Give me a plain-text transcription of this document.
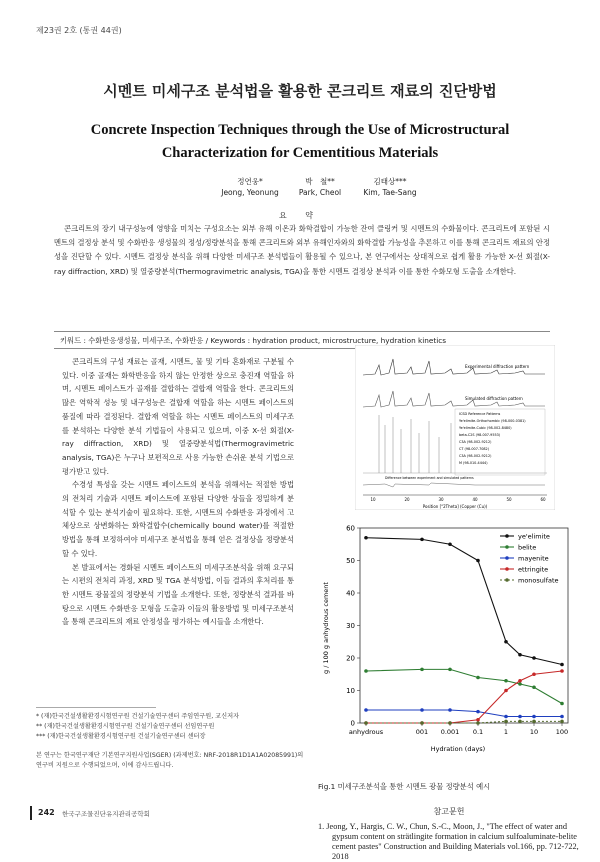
제23권 2호 (통권 44권)
시멘트 미세구조 분석법을 활용한 콘크리트 재료의 진단방법
Concrete Inspection Techniques through the Use of Microstructural
Characterization for Cementitious Materials
정연웅*
Jeong, Yeonung
박　철**
Park, Cheol
김태상***
Kim, Tae-Sang
요 약

콘크리트의 장기 내구성능에 영향을 미치는 구성요소는 외부 유해 이온과 화학결합이 가능한 잔여 클링커 및 시멘트의 수화물이다. 콘크리트에 포함된 시멘트의 결정상 분석 및 수화반응 생성물의 정성/정량분석을 통해 콘크리트와 외부 유해인자와의 화학결합 가능성을 추론하고 이를 통해 콘크리트 재료의 안정성을 진단할 수 있다. 시멘트 결정상 분석을 위해 다양한 미세구조 분석법들이 활용될 수 있으나, 본 연구에서는 상대적으로 쉽게 활용 가능한 X-선 회절(X-ray diffraction, XRD) 및 열중량분석(Thermogravimetric analysis, TGA)을 통한 시멘트 결정상 분석과 이를 통한 수화모형 도출을 소개한다.

키워드 : 수화반응생성물, 미세구조, 수화반응 / Keywords : hydration product, microstructure, hydration kinetics

콘크리트의 구성 재료는 골재, 시멘트, 물 및 기타 혼화재로 구분될 수 있다. 이중 골재는 화학반응을 하지 않는 안정한 상으로 충진재 역할을 하며, 시멘트 페이스트가 골재를 결합하는 결합재 역할을 한다. 콘크리트의 많은 역학적 성능 및 내구성능은 결합재 역할을 하는 시멘트 페이스트의 품질에 따라 결정된다. 결합재 역할을 하는 시멘트 페이스트의 미세구조를 분석하는 다양한 분석 기법들이 사용되고 있으며, 이중 X-선 회절(X-ray diffraction, XRD) 및 열중량분석법(Thermogravimetric analysis, TGA)은 누구나 보편적으로 사용 가능한 손쉬운 분석 기법으로 평가받고 있다.

수경성 특성을 갖는 시멘트 페이스트의 분석을 위해서는 적절한 방법의 전처리 기술과 시멘트 페이스트에 포함된 다양한 상들을 정밀하게 분석할 수 있는 분석기술이 필요하다. 또한, 시멘트의 수화반응 과정에서 고체상으로 상변화하는 화학결합수(chemically bound water)를 적절한 방법을 통해 보정하여야 미세구조 분석법을 통해 얻은 결정상을 정량분석 할 수 있다.

본 발표에서는 경화된 시멘트 페이스트의 미세구조분석을 위해 요구되는 시편의 전처리 과정, XRD 및 TGA 분석방법, 이들 결과의 후처리를 통한 시멘트 광물질의 정량분석 기법을 소개한다. 또한, 정량분석 결과를 바탕으로 시멘트 수화반응 모형을 도출과 이들의 활용방법 및 미세구조분석을 통해 콘크리트의 재료 안정성을 평가하는 예시들을 소개한다.

* (재)한국건설생활환경시험연구원 건설기술연구센터 주임연구원, 교신저자

** (재)한국건설생활환경시험연구원 건설기술연구센터 선임연구원

*** (재)한국건설생활환경시험연구원 건설기술연구센터 센터장

본 연구는 한국연구재단 기본연구지원사업(SGER) (과제번호: NRF-2018R1D1A1A02085991)의 연구비 지원으로 수행되었으며, 이에 감사드립니다.

242 한국구조물진단유지관리공학회
Experimental diffraction pattern
Simulated diffraction pattern
ICSD Reference Patterns
Ye'elimite-Orthorhombic (98-000-0381)
Ye'elimite-Cubic (98-002-8480)
beta-C2S (98-007-9553)
C3A (98-002-9212)
CT (98-007-7082)
C3A (98-002-9212)
M (98-010-4444)
Difference between experiment and simulated patterns
10	20	30	40	50	60
Position [°2Theta] (Copper (Cu))
0
10
20
30
40
50
60
anhydrous	001 0.001 0.1	1	10	100
ye'elimite
belite
mayenite
ettringite
monosulfate
g / 100 g anhydrous cement
Hydration (days)
Fig.1 미세구조분석을 통한 시멘트 광물 정량분석 예시
참고문헌

1. Jeong, Y., Hargis, C. W., Chun, S.-C., Moon, J., "The effect of water and gypsum content on strätlingite formation in calcium sulfoaluminate-belite cement pastes" Construction and Building Materials vol.166, pp. 712-722, 2018
